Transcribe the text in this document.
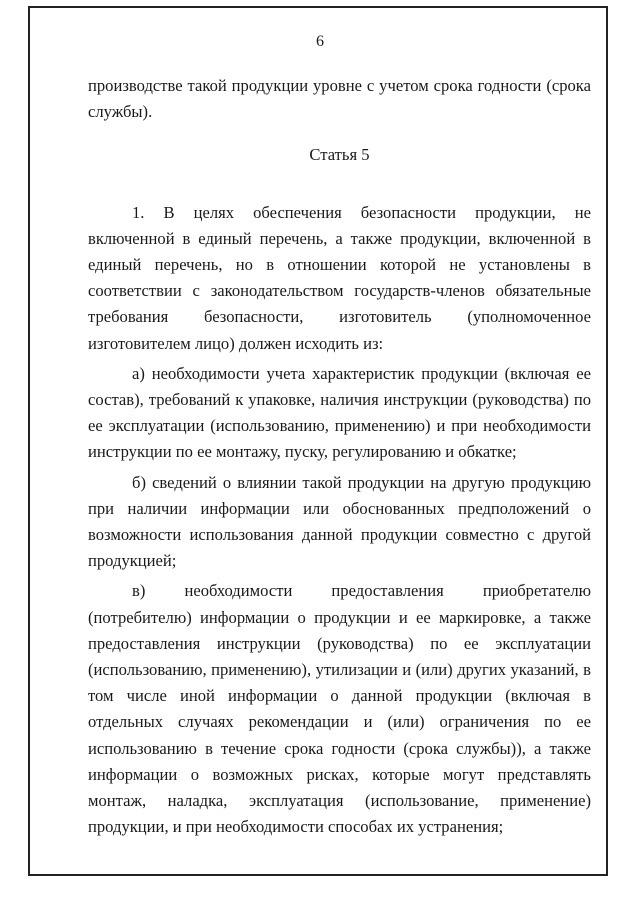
6

производстве такой продукции уровне с учетом срока годности (срока службы).

Статья 5

1. В целях обеспечения безопасности продукции, не включенной в единый перечень, а также продукции, включенной в единый перечень, но в отношении которой не установлены в соответствии с законодательством государств-членов обязательные требования безопасности, изготовитель (уполномоченное изготовителем лицо) должен исходить из:

а) необходимости учета характеристик продукции (включая ее состав), требований к упаковке, наличия инструкции (руководства) по ее эксплуатации (использованию, применению) и при необходимости инструкции по ее монтажу, пуску, регулированию и обкатке;

б) сведений о влиянии такой продукции на другую продукцию при наличии информации или обоснованных предположений о возможности использования данной продукции совместно с другой продукцией;

в) необходимости предоставления приобретателю (потребителю) информации о продукции и ее маркировке, а также предоставления инструкции (руководства) по ее эксплуатации (использованию, применению), утилизации и (или) других указаний, в том числе иной информации о данной продукции (включая в отдельных случаях рекомендации и (или) ограничения по ее использованию в течение срока годности (срока службы)), а также информации о возможных рисках, которые могут представлять монтаж, наладка, эксплуатация (использование, применение) продукции, и при необходимости способах их устранения;
